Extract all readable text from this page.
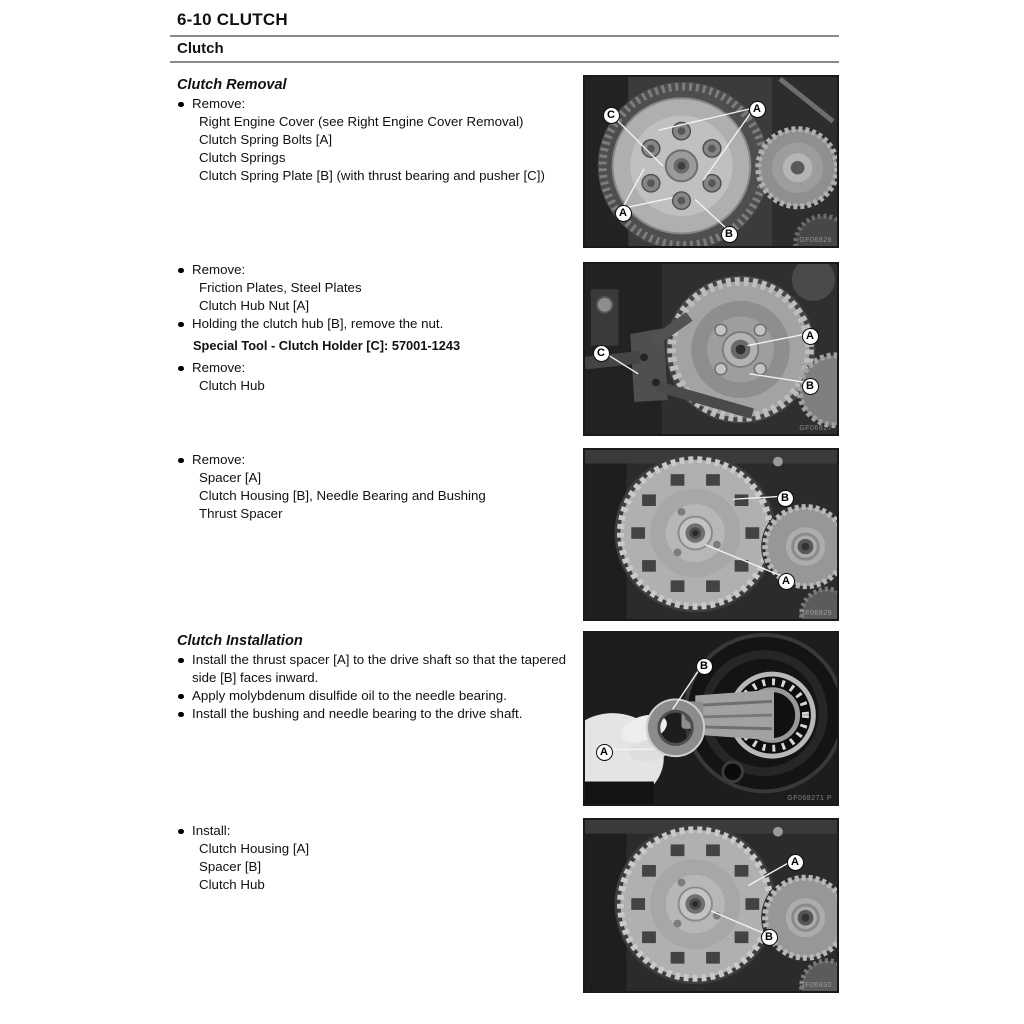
6-10 CLUTCH
Clutch
Clutch Removal
Remove:
Right Engine Cover (see Right Engine Cover Removal)
Clutch Spring Bolts [A]
Clutch Springs
Clutch Spring Plate [B] (with thrust bearing and pusher [C])
Remove:
Friction Plates, Steel Plates
Clutch Hub Nut [A]
Holding the clutch hub [B], remove the nut.
Special Tool - Clutch Holder [C]: 57001-1243
Remove:
Clutch Hub
Remove:
Spacer [A]
Clutch Housing [B], Needle Bearing and Bushing
Thrust Spacer
Clutch Installation
Install the thrust spacer [A] to the drive shaft so that the tapered side [B] faces inward.
Apply molybdenum disulfide oil to the needle bearing.
Install the bushing and needle bearing to the drive shaft.
Install:
Clutch Housing [A]
Spacer [B]
Clutch Hub
C	A
A
B
GF06826
C
A
B
GF06827
B
A
GF06829
B
A
GF068271 P
A
B
GF06830
